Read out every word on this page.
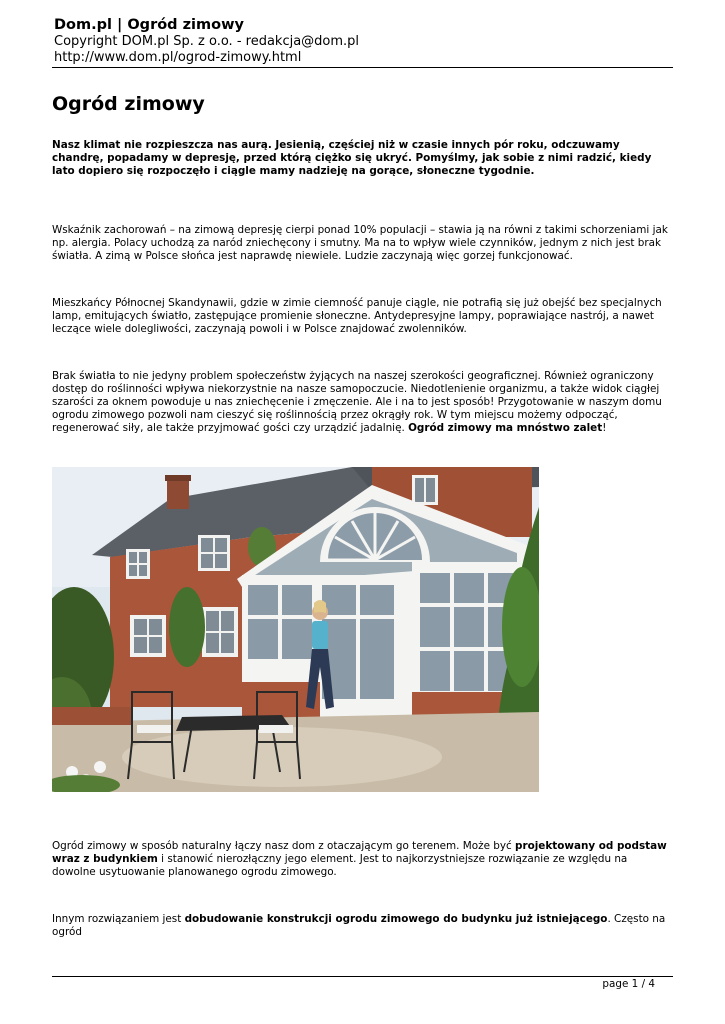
Dom.pl | Ogród zimowy
Copyright DOM.pl Sp. z o.o. - redakcja@dom.pl
http://www.dom.pl/ogrod-zimowy.html
Ogród zimowy

Nasz klimat nie rozpieszcza nas aurą. Jesienią, częściej niż w czasie innych pór roku, odczuwamy chandrę, popadamy w depresję, przed którą ciężko się ukryć. Pomyślmy, jak sobie z nimi radzić, kiedy lato dopiero się rozpoczęło i ciągle mamy nadzieję na gorące, słoneczne tygodnie.

Wskaźnik zachorowań – na zimową depresję cierpi ponad 10% populacji – stawia ją na równi z takimi schorzeniami jak np. alergia. Polacy uchodzą za naród zniechęcony i smutny. Ma na to wpływ wiele czynników, jednym z nich jest brak światła. A zimą w Polsce słońca jest naprawdę niewiele. Ludzie zaczynają więc gorzej funkcjonować.

Mieszkańcy Północnej Skandynawii, gdzie w zimie ciemność panuje ciągle, nie potrafią się już obejść bez specjalnych lamp, emitujących światło, zastępujące promienie słoneczne. Antydepresyjne lampy, poprawiające nastrój, a nawet leczące wiele dolegliwości, zaczynają powoli i w Polsce znajdować zwolenników.

Brak światła to nie jedyny problem społeczeństw żyjących na naszej szerokości geograficznej. Również ograniczony dostęp do roślinności wpływa niekorzystnie na nasze samopoczucie. Niedotlenienie organizmu, a także widok ciągłej szarości za oknem powoduje u nas zniechęcenie i zmęczenie. Ale i na to jest sposób! Przygotowanie w naszym domu ogrodu zimowego pozwoli nam cieszyć się roślinnością przez okrągły rok. W tym miejscu możemy odpocząć, regenerować siły, ale także przyjmować gości czy urządzić jadalnię. Ogród zimowy ma mnóstwo zalet!

Ogród zimowy w sposób naturalny łączy nasz dom z otaczającym go terenem. Może być projektowany od podstaw wraz z budynkiem i stanowić nierozłączny jego element. Jest to najkorzystniejsze rozwiązanie ze względu na dowolne usytuowanie planowanego ogrodu zimowego.

Innym rozwiązaniem jest dobudowanie konstrukcji ogrodu zimowego do budynku już istniejącego. Często na ogród

page 1 / 4
